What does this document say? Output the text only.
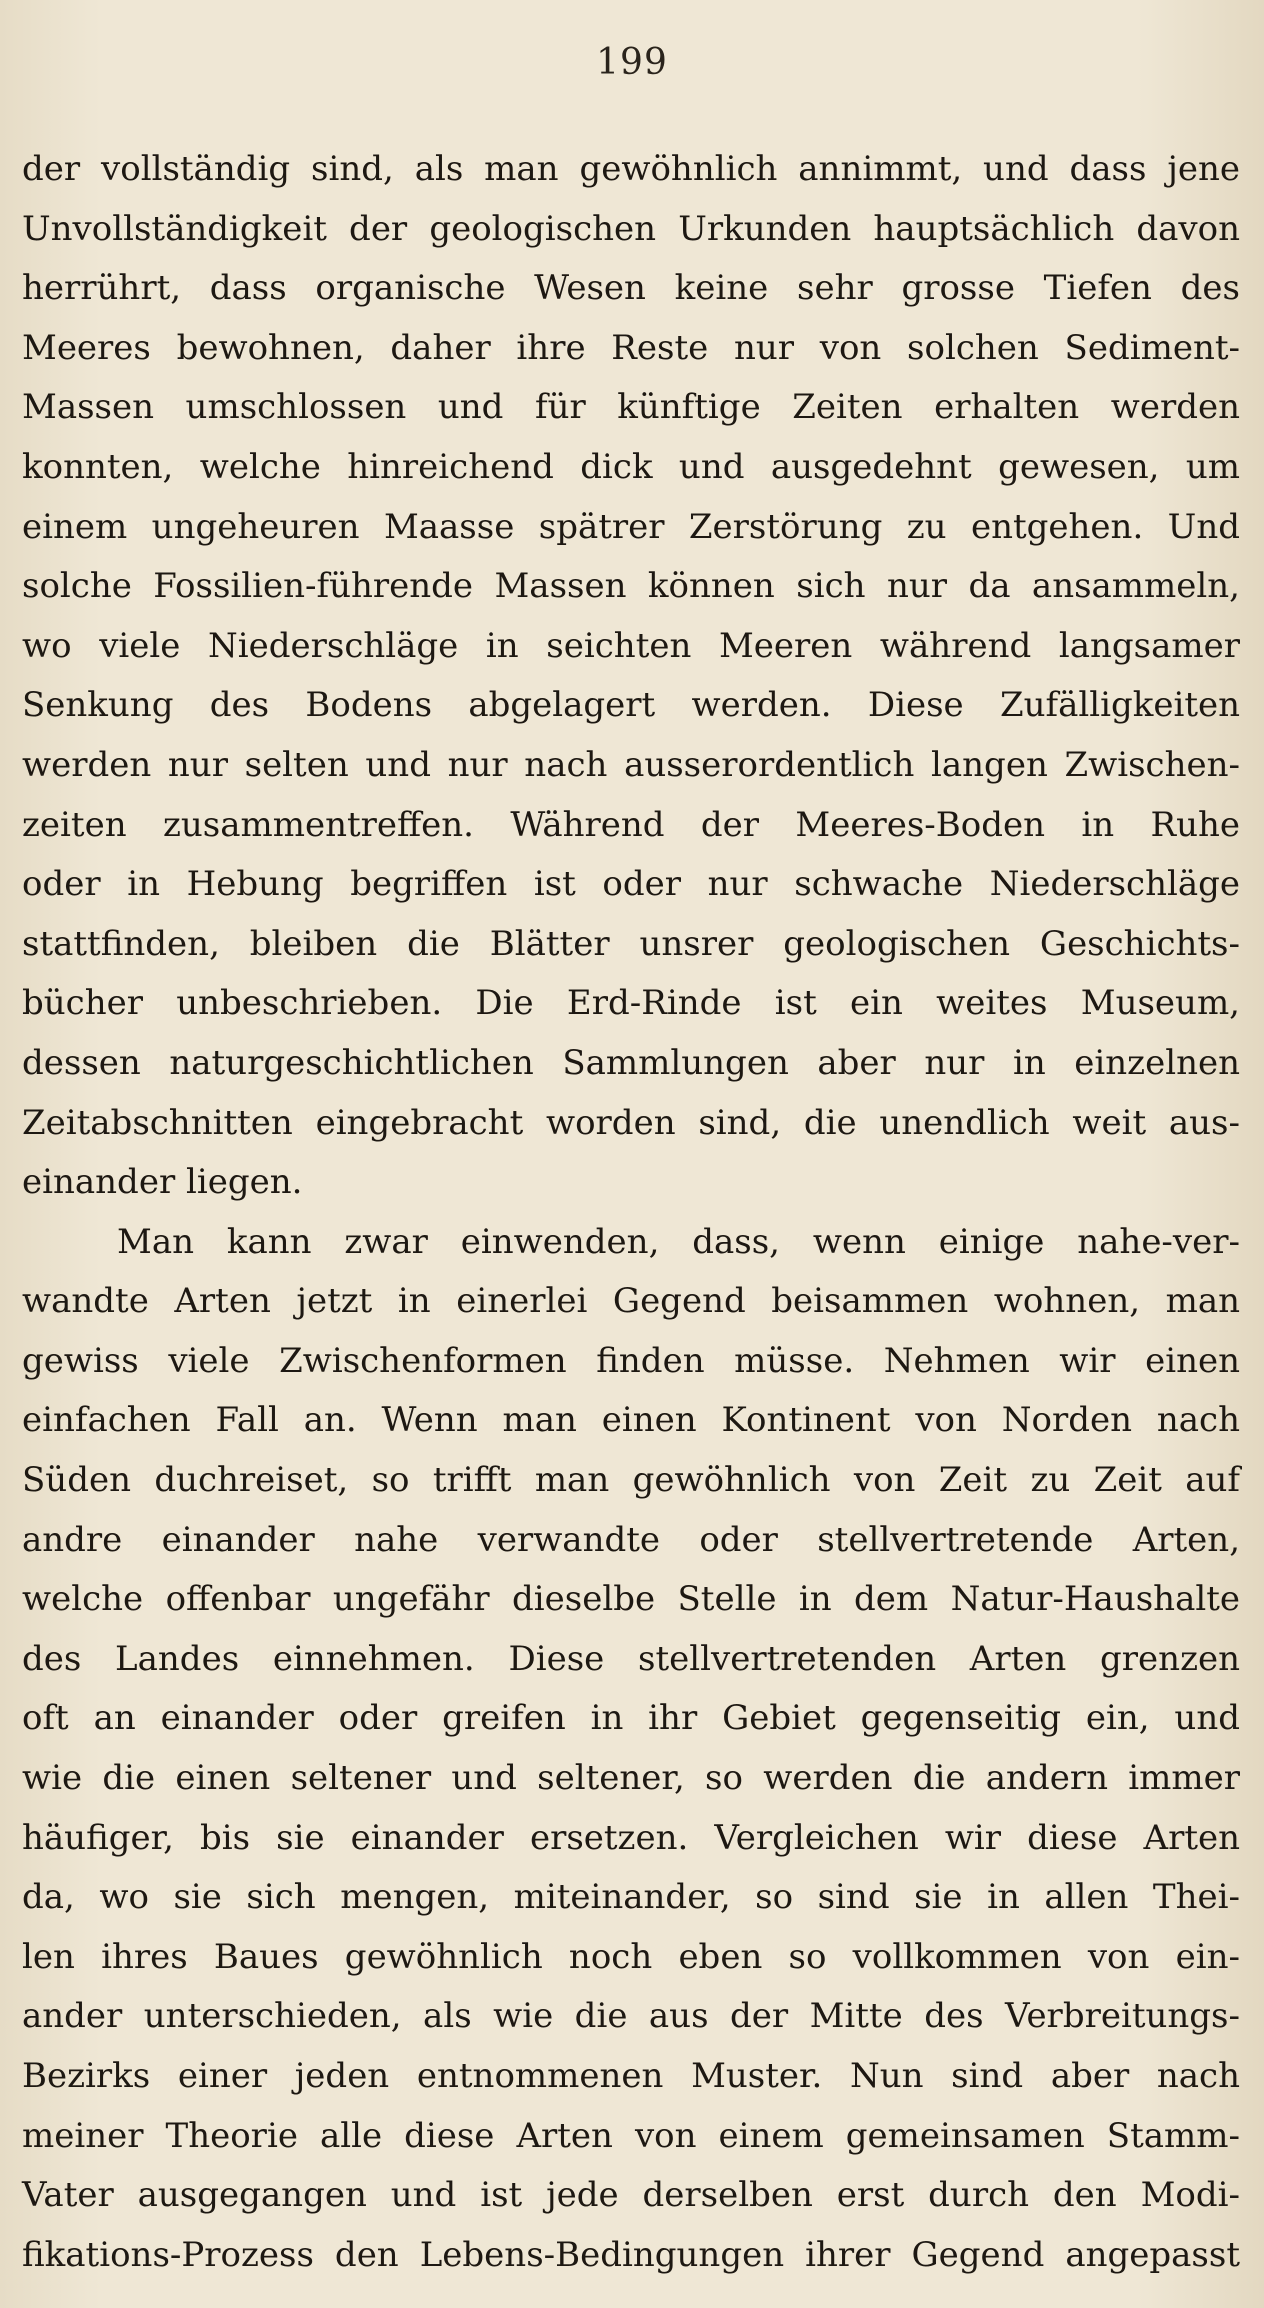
199
der vollständig sind, als man gewöhnlich annimmt, und dass jene
Unvollständigkeit der geologischen Urkunden hauptsächlich davon
herrührt, dass organische Wesen keine sehr grosse Tiefen des
Meeres bewohnen, daher ihre Reste nur von solchen Sediment-
Massen umschlossen und für künftige Zeiten erhalten werden
konnten, welche hinreichend dick und ausgedehnt gewesen, um
einem ungeheuren Maasse spätrer Zerstörung zu entgehen. Und
solche Fossilien-führende Massen können sich nur da ansammeln,
wo viele Niederschläge in seichten Meeren während langsamer
Senkung des Bodens abgelagert werden. Diese Zufälligkeiten
werden nur selten und nur nach ausserordentlich langen Zwischen-
zeiten zusammentreffen. Während der Meeres-Boden in Ruhe
oder in Hebung begriffen ist oder nur schwache Niederschläge
stattfinden, bleiben die Blätter unsrer geologischen Geschichts-
bücher unbeschrieben. Die Erd-Rinde ist ein weites Museum,
dessen naturgeschichtlichen Sammlungen aber nur in einzelnen
Zeitabschnitten eingebracht worden sind, die unendlich weit aus-
einander liegen.
Man kann zwar einwenden, dass, wenn einige nahe-ver-
wandte Arten jetzt in einerlei Gegend beisammen wohnen, man
gewiss viele Zwischenformen finden müsse. Nehmen wir einen
einfachen Fall an. Wenn man einen Kontinent von Norden nach
Süden duchreiset, so trifft man gewöhnlich von Zeit zu Zeit auf
andre einander nahe verwandte oder stellvertretende Arten,
welche offenbar ungefähr dieselbe Stelle in dem Natur-Haushalte
des Landes einnehmen. Diese stellvertretenden Arten grenzen
oft an einander oder greifen in ihr Gebiet gegenseitig ein, und
wie die einen seltener und seltener, so werden die andern immer
häufiger, bis sie einander ersetzen. Vergleichen wir diese Arten
da, wo sie sich mengen, miteinander, so sind sie in allen Thei-
len ihres Baues gewöhnlich noch eben so vollkommen von ein-
ander unterschieden, als wie die aus der Mitte des Verbreitungs-
Bezirks einer jeden entnommenen Muster. Nun sind aber nach
meiner Theorie alle diese Arten von einem gemeinsamen Stamm-
Vater ausgegangen und ist jede derselben erst durch den Modi-
fikations-Prozess den Lebens-Bedingungen ihrer Gegend angepasst
